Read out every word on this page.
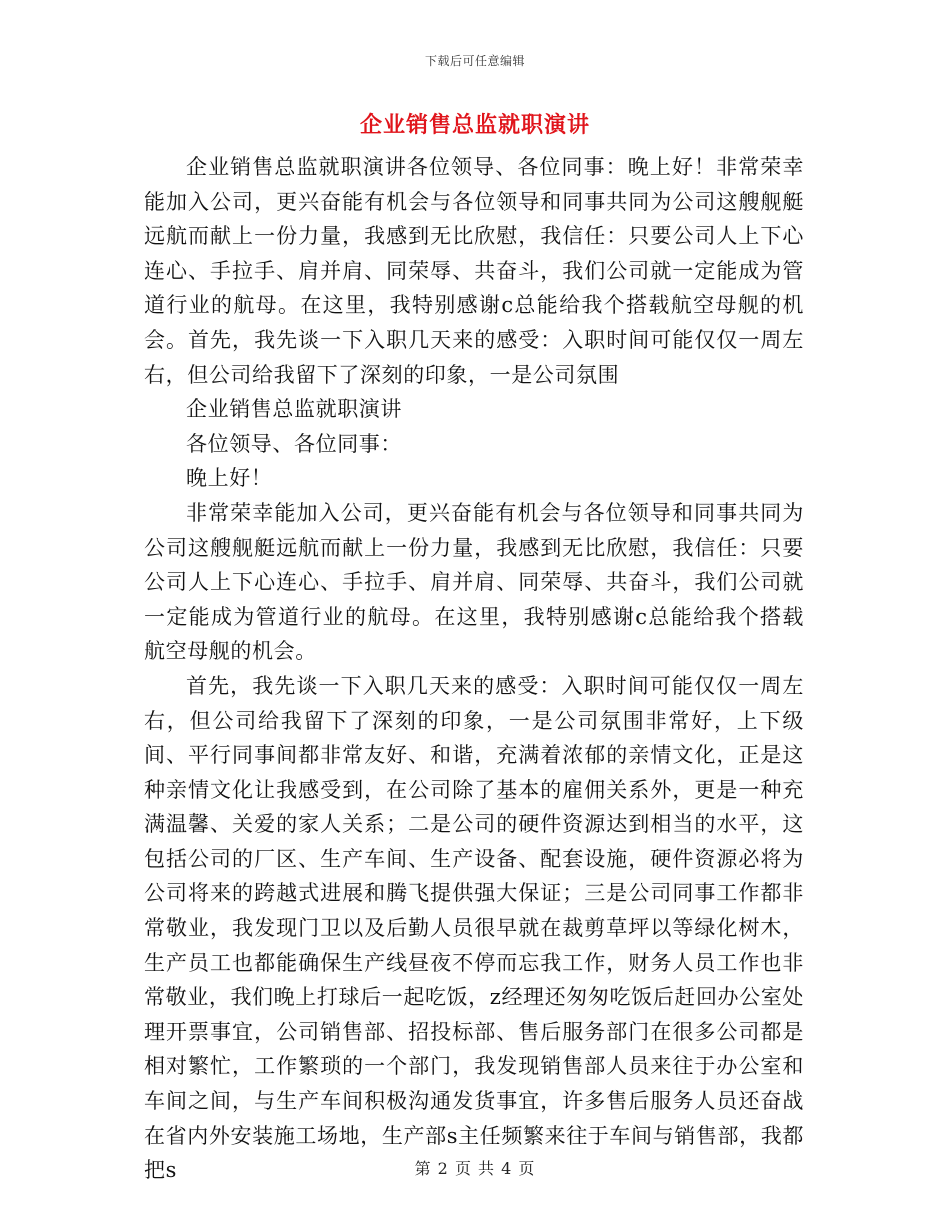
下载后可任意编辑
企业销售总监就职演讲

企业销售总监就职演讲各位领导、各位同事：晚上好！非常荣幸能加入公司，更兴奋能有机会与各位领导和同事共同为公司这艘舰艇远航而献上一份力量，我感到无比欣慰，我信任：只要公司人上下心连心、手拉手、肩并肩、同荣辱、共奋斗，我们公司就一定能成为管道行业的航母。在这里，我特别感谢c总能给我个搭载航空母舰的机会。首先，我先谈一下入职几天来的感受：入职时间可能仅仅一周左右，但公司给我留下了深刻的印象，一是公司氛围

企业销售总监就职演讲

各位领导、各位同事：

晚上好！

非常荣幸能加入公司，更兴奋能有机会与各位领导和同事共同为公司这艘舰艇远航而献上一份力量，我感到无比欣慰，我信任：只要公司人上下心连心、手拉手、肩并肩、同荣辱、共奋斗，我们公司就一定能成为管道行业的航母。在这里，我特别感谢c总能给我个搭载航空母舰的机会。

首先，我先谈一下入职几天来的感受：入职时间可能仅仅一周左右，但公司给我留下了深刻的印象，一是公司氛围非常好，上下级间、平行同事间都非常友好、和谐，充满着浓郁的亲情文化，正是这种亲情文化让我感受到，在公司除了基本的雇佣关系外，更是一种充满温馨、关爱的家人关系；二是公司的硬件资源达到相当的水平，这包括公司的厂区、生产车间、生产设备、配套设施，硬件资源必将为公司将来的跨越式进展和腾飞提供强大保证；三是公司同事工作都非常敬业，我发现门卫以及后勤人员很早就在裁剪草坪以等绿化树木，生产员工也都能确保生产线昼夜不停而忘我工作，财务人员工作也非常敬业，我们晚上打球后一起吃饭，z经理还匆匆吃饭后赶回办公室处理开票事宜，公司销售部、招投标部、售后服务部门在很多公司都是相对繁忙，工作繁琐的一个部门，我发现销售部人员来往于办公室和车间之间，与生产车间积极沟通发货事宜，许多售后服务人员还奋战在省内外安装施工场地，生产部s主任频繁来往于车间与销售部，我都把s	第 2 页 共 4 页
